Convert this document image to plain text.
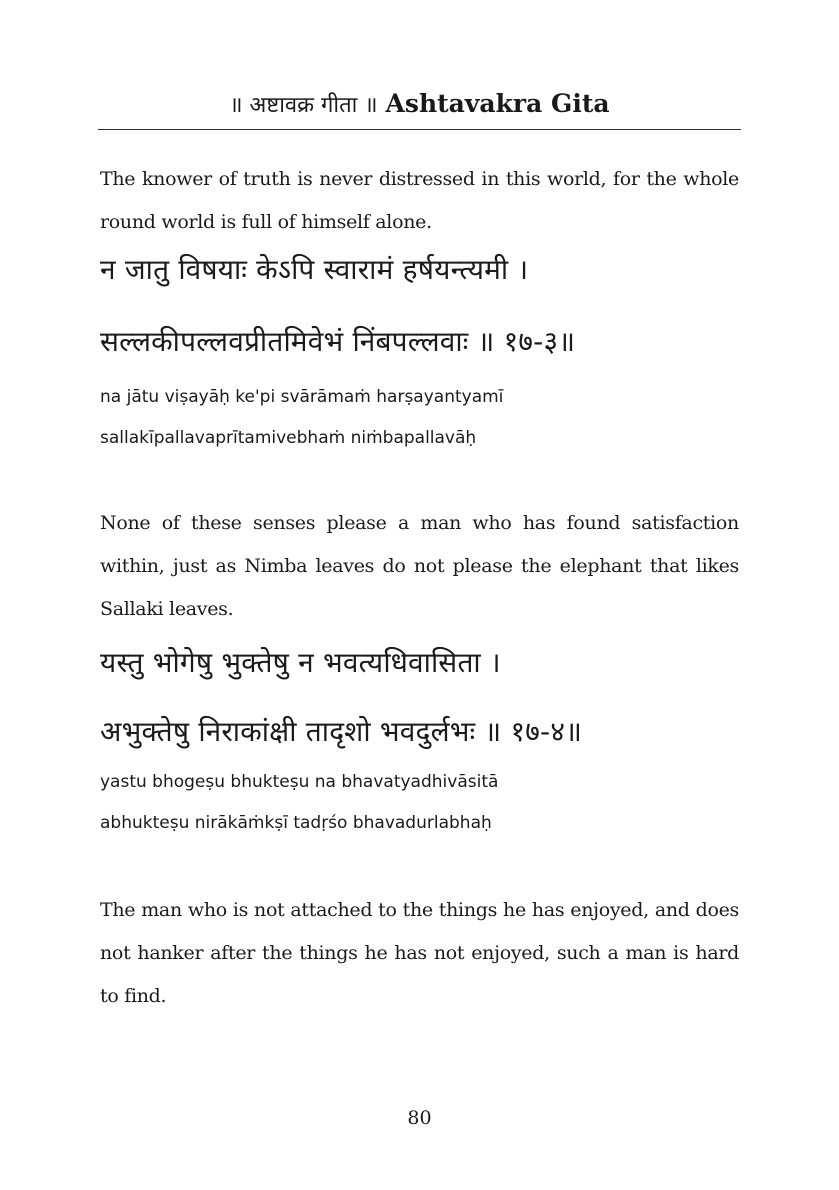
॥ अष्टावक्र गीता ॥ Ashtavakra Gita
The knower of truth is never distressed in this world, for the whole round world is full of himself alone.
न जातु विषयाः केऽपि स्वारामं हर्षयन्त्यमी ।
सल्लकीपल्लवप्रीतमिवेभं निंबपल्लवाः ॥ १७-३॥
na jātu viṣayāḥ ke'pi svārāmaṁ harṣayantyamī
sallakīpallavaprītamivebhaṁ niṁbapallavāḥ
None of these senses please a man who has found satisfaction within, just as Nimba leaves do not please the elephant that likes Sallaki leaves.
यस्तु भोगेषु भुक्तेषु न भवत्यधिवासिता ।
अभुक्तेषु निराकांक्षी तादृशो भवदुर्लभः ॥ १७-४॥
yastu bhogeṣu bhukteṣu na bhavatyadhivāsitā
abhukteṣu nirākāṁkṣī tadṛśo bhavadurlabhaḥ
The man who is not attached to the things he has enjoyed, and does not hanker after the things he has not enjoyed, such a man is hard to find.
80
